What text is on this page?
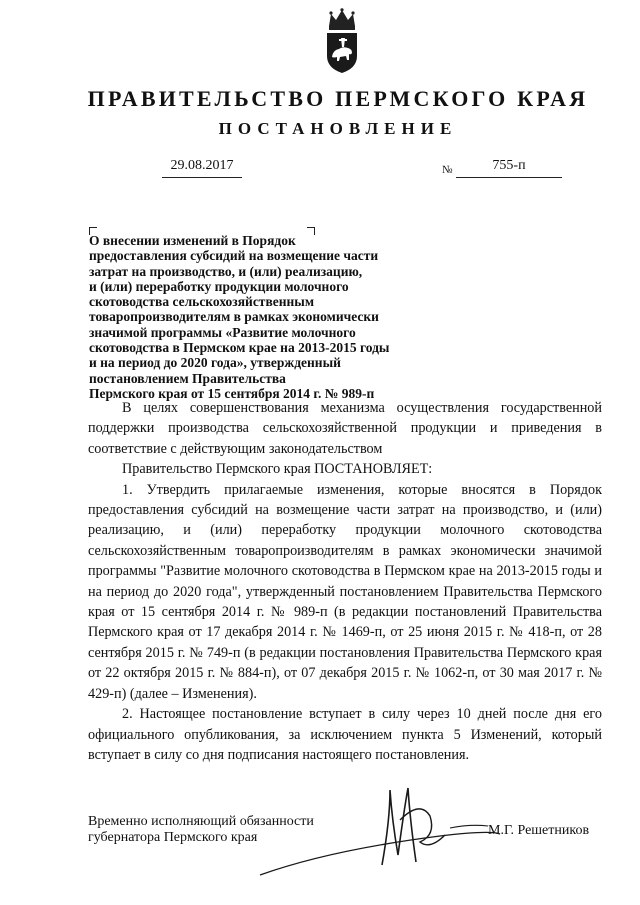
ПРАВИТЕЛЬСТВО ПЕРМСКОГО КРАЯ
ПОСТАНОВЛЕНИЕ
29.08.2017	№	755-п
О внесении изменений в Порядок
предоставления субсидий на возмещение части
затрат на производство, и (или) реализацию,
и (или) переработку продукции молочного
скотоводства сельскохозяйственным
товаропроизводителям в рамках экономически
значимой программы «Развитие молочного
скотоводства в Пермском крае на 2013-2015 годы
и на период до 2020 года», утвержденный
постановлением Правительства
Пермского края от 15 сентября 2014 г. № 989-п

В целях совершенствования механизма осуществления государственной поддержки производства сельскохозяйственной продукции и приведения в соответствие с действующим законодательством

Правительство Пермского края ПОСТАНОВЛЯЕТ:

1. Утвердить прилагаемые изменения, которые вносятся в Порядок предоставления субсидий на возмещение части затрат на производство, и (или) реализацию, и (или) переработку продукции молочного скотоводства сельскохозяйственным товаропроизводителям в рамках экономически значимой программы "Развитие молочного скотоводства в Пермском крае на 2013-2015 годы и на период до 2020 года", утвержденный постановлением Правительства Пермского края от 15 сентября 2014 г. № 989-п (в редакции постановлений Правительства Пермского края от 17 декабря 2014 г. № 1469-п, от 25 июня 2015 г. № 418-п, от 28 сентября 2015 г. № 749-п (в редакции постановления Правительства Пермского края от 22 октября 2015 г. № 884-п), от 07 декабря 2015 г. № 1062-п, от 30 мая 2017 г. № 429-п) (далее – Изменения).

2. Настоящее постановление вступает в силу через 10 дней после дня его официального опубликования, за исключением пункта 5 Изменений, который вступает в силу со дня подписания настоящего постановления.

Временно исполняющий обязанности
губернатора Пермского края	М.Г. Решетников
